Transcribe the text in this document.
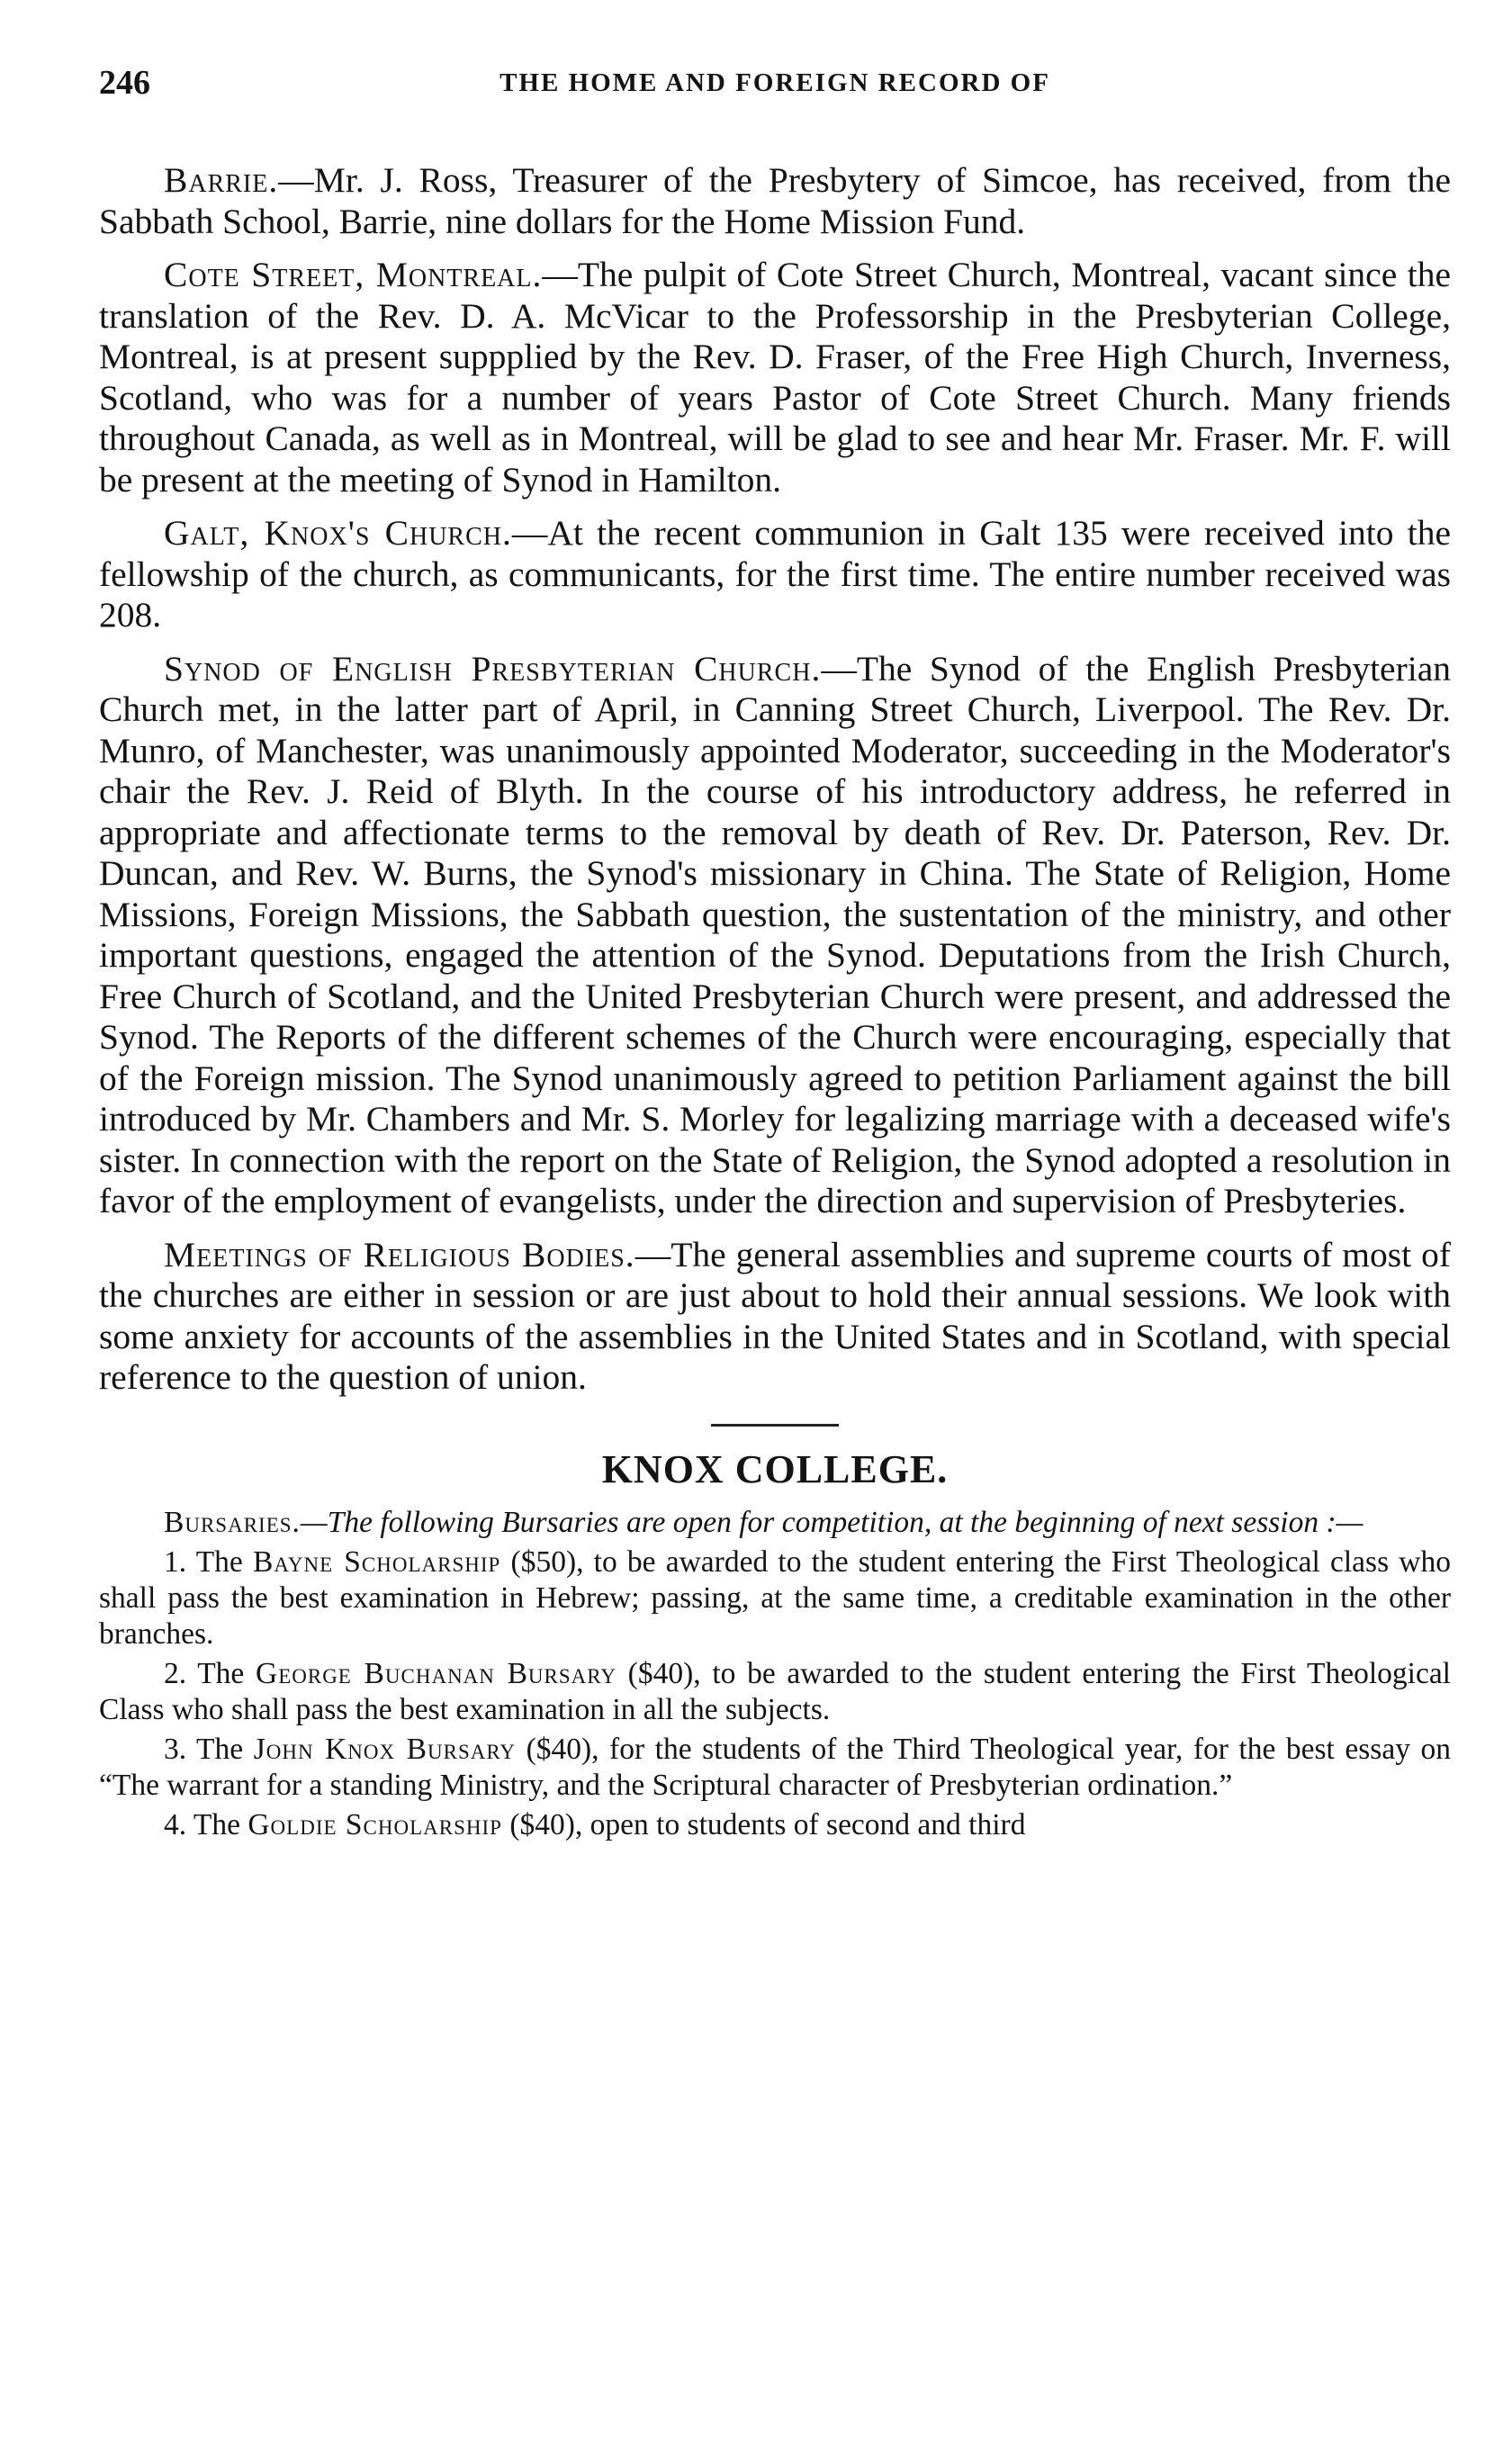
246	THE HOME AND FOREIGN RECORD OF

Barrie.—Mr. J. Ross, Treasurer of the Presbytery of Simcoe, has received, from the Sabbath School, Barrie, nine dollars for the Home Mission Fund.

Cote Street, Montreal.—The pulpit of Cote Street Church, Montreal, vacant since the translation of the Rev. D. A. McVicar to the Professorship in the Presbyterian College, Montreal, is at present suppplied by the Rev. D. Fraser, of the Free High Church, Inverness, Scotland, who was for a number of years Pastor of Cote Street Church. Many friends throughout Canada, as well as in Montreal, will be glad to see and hear Mr. Fraser. Mr. F. will be present at the meeting of Synod in Hamilton.

Galt, Knox's Church.—At the recent communion in Galt 135 were received into the fellowship of the church, as communicants, for the first time. The entire number received was 208.

Synod of English Presbyterian Church.—The Synod of the English Presbyterian Church met, in the latter part of April, in Canning Street Church, Liverpool. The Rev. Dr. Munro, of Manchester, was unanimously appointed Moderator, succeeding in the Moderator's chair the Rev. J. Reid of Blyth. In the course of his introductory address, he referred in appropriate and affectionate terms to the removal by death of Rev. Dr. Paterson, Rev. Dr. Duncan, and Rev. W. Burns, the Synod's missionary in China. The State of Religion, Home Missions, Foreign Missions, the Sabbath question, the sustentation of the ministry, and other important questions, engaged the attention of the Synod. Deputations from the Irish Church, Free Church of Scotland, and the United Presbyterian Church were present, and addressed the Synod. The Reports of the different schemes of the Church were encouraging, especially that of the Foreign mission. The Synod unanimously agreed to petition Parliament against the bill introduced by Mr. Chambers and Mr. S. Morley for legalizing marriage with a deceased wife's sister. In connection with the report on the State of Religion, the Synod adopted a resolution in favor of the employment of evangelists, under the direction and supervision of Presbyteries.

Meetings of Religious Bodies.—The general assemblies and supreme courts of most of the churches are either in session or are just about to hold their annual sessions. We look with some anxiety for accounts of the assemblies in the United States and in Scotland, with special reference to the question of union.

KNOX COLLEGE.

Bursaries.—The following Bursaries are open for competition, at the beginning of next session :—

1. The Bayne Scholarship ($50), to be awarded to the student entering the First Theological class who shall pass the best examination in Hebrew; passing, at the same time, a creditable examination in the other branches.

2. The George Buchanan Bursary ($40), to be awarded to the student entering the First Theological Class who shall pass the best examination in all the subjects.

3. The John Knox Bursary ($40), for the students of the Third Theological year, for the best essay on “The warrant for a standing Ministry, and the Scriptural character of Presbyterian ordination.”

4. The Goldie Scholarship ($40), open to students of second and third
